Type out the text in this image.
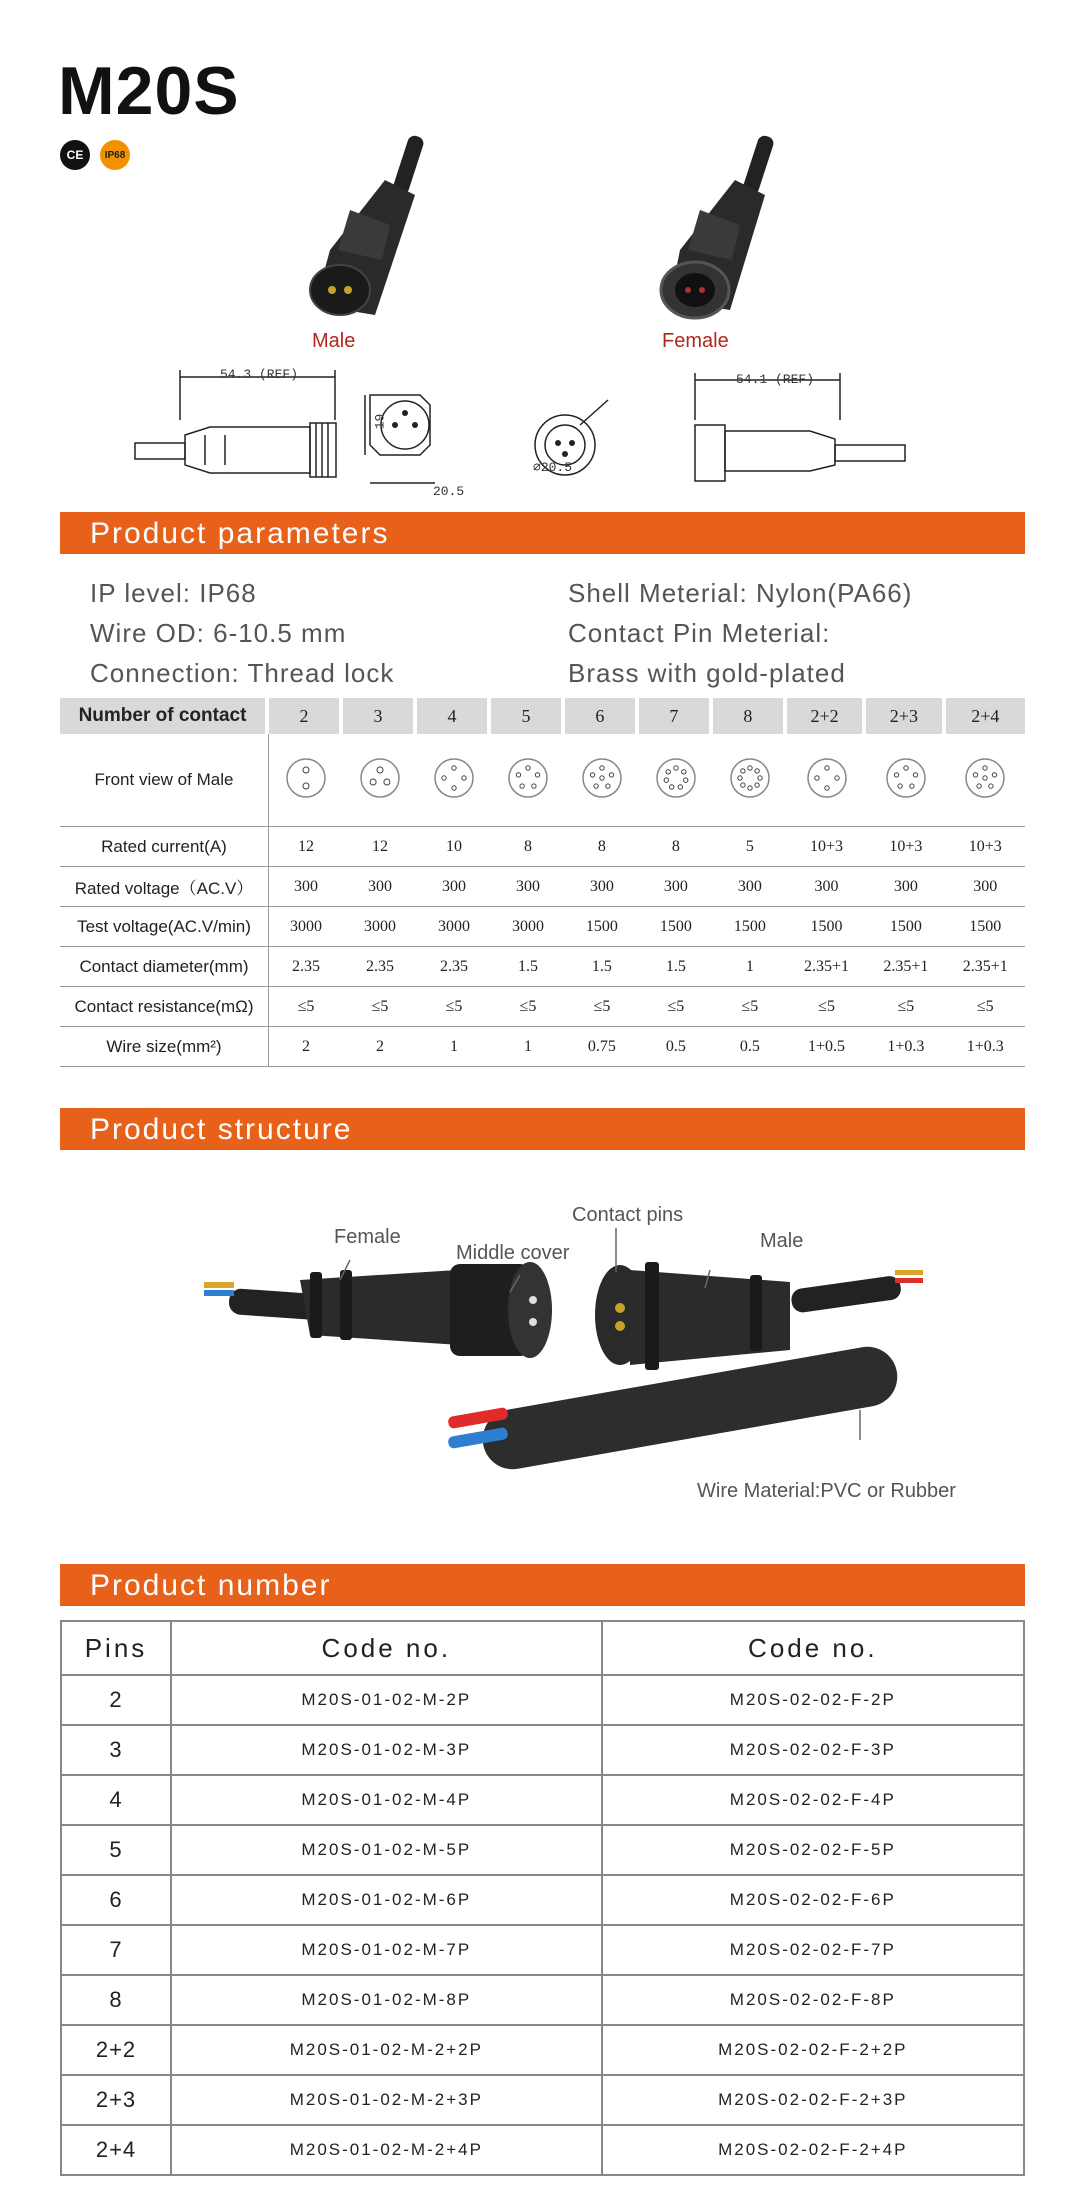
M20S
CE	IP68
Male	Female
54.3 (REF)	54.1 (REF)
19
20.5
⌀20.5
Product parameters
IP level: IP68
Wire OD: 6-10.5 mm
Connection: Thread lock
Shell Meterial: Nylon(PA66)
Contact Pin Meterial:
Brass with gold-plated
Number of contact	2	3	4	5	6	7	8	2+2	2+3	2+4
Front view of Male										
Rated current(A)	12	12	10	8	8	8	5	10+3	10+3	10+3
Rated voltage（AC.V）	300	300	300	300	300	300	300	300	300	300
Test voltage(AC.V/min)	3000	3000	3000	3000	1500	1500	1500	1500	1500	1500
Contact diameter(mm)	2.35	2.35	2.35	1.5	1.5	1.5	1	2.35+1	2.35+1	2.35+1
Contact resistance(mΩ)	≤5	≤5	≤5	≤5	≤5	≤5	≤5	≤5	≤5	≤5
Wire size(mm²)	2	2	1	1	0.75	0.5	0.5	1+0.5	1+0.3	1+0.3
Product structure
Female
Middle cover
Contact pins
Male
Wire Material:PVC or Rubber
Product number
Pins	Code no.	Code no.
2	M20S-01-02-M-2P	M20S-02-02-F-2P
3	M20S-01-02-M-3P	M20S-02-02-F-3P
4	M20S-01-02-M-4P	M20S-02-02-F-4P
5	M20S-01-02-M-5P	M20S-02-02-F-5P
6	M20S-01-02-M-6P	M20S-02-02-F-6P
7	M20S-01-02-M-7P	M20S-02-02-F-7P
8	M20S-01-02-M-8P	M20S-02-02-F-8P
2+2	M20S-01-02-M-2+2P	M20S-02-02-F-2+2P
2+3	M20S-01-02-M-2+3P	M20S-02-02-F-2+3P
2+4	M20S-01-02-M-2+4P	M20S-02-02-F-2+4P
